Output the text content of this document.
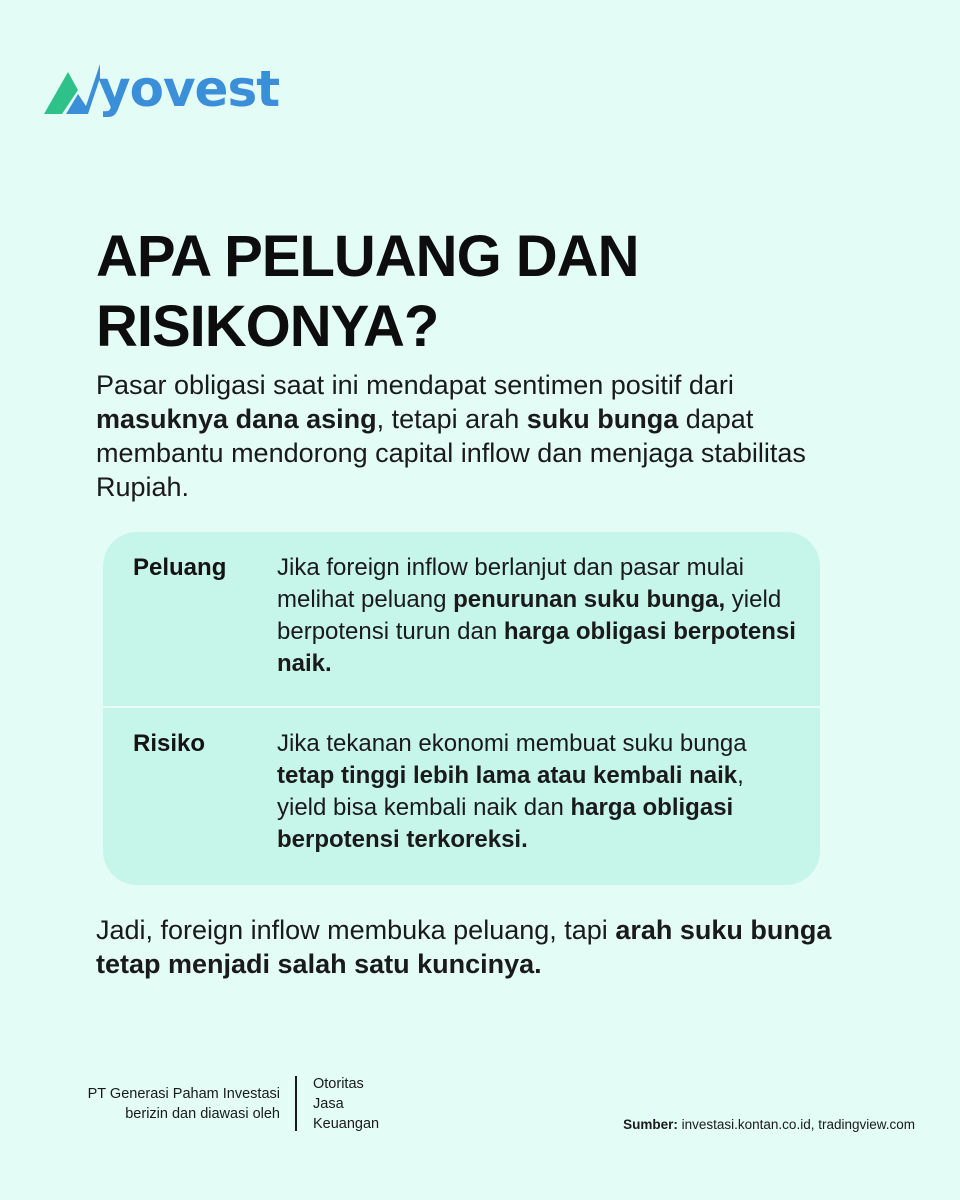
yovest
APA PELUANG DAN
RISIKONYA?

Pasar obligasi saat ini mendapat sentimen positif dari masuknya dana asing, tetapi arah suku bunga dapat membantu mendorong capital inflow dan menjaga stabilitas Rupiah.

Peluang Jika foreign inflow berlanjut dan pasar mulai melihat peluang penurunan suku bunga, yield berpotensi turun dan harga obligasi berpotensi naik.

Risiko	Jika tekanan ekonomi membuat suku bunga tetap tinggi lebih lama atau kembali naik, yield bisa kembali naik dan harga obligasi berpotensi terkoreksi.

Jadi, foreign inflow membuka peluang, tapi arah suku bunga tetap menjadi salah satu kuncinya.

PT Generasi Paham Investasi
berizin dan diawasi oleh
Otoritas
Jasa
Keuangan	Sumber: investasi.kontan.co.id, tradingview.com
